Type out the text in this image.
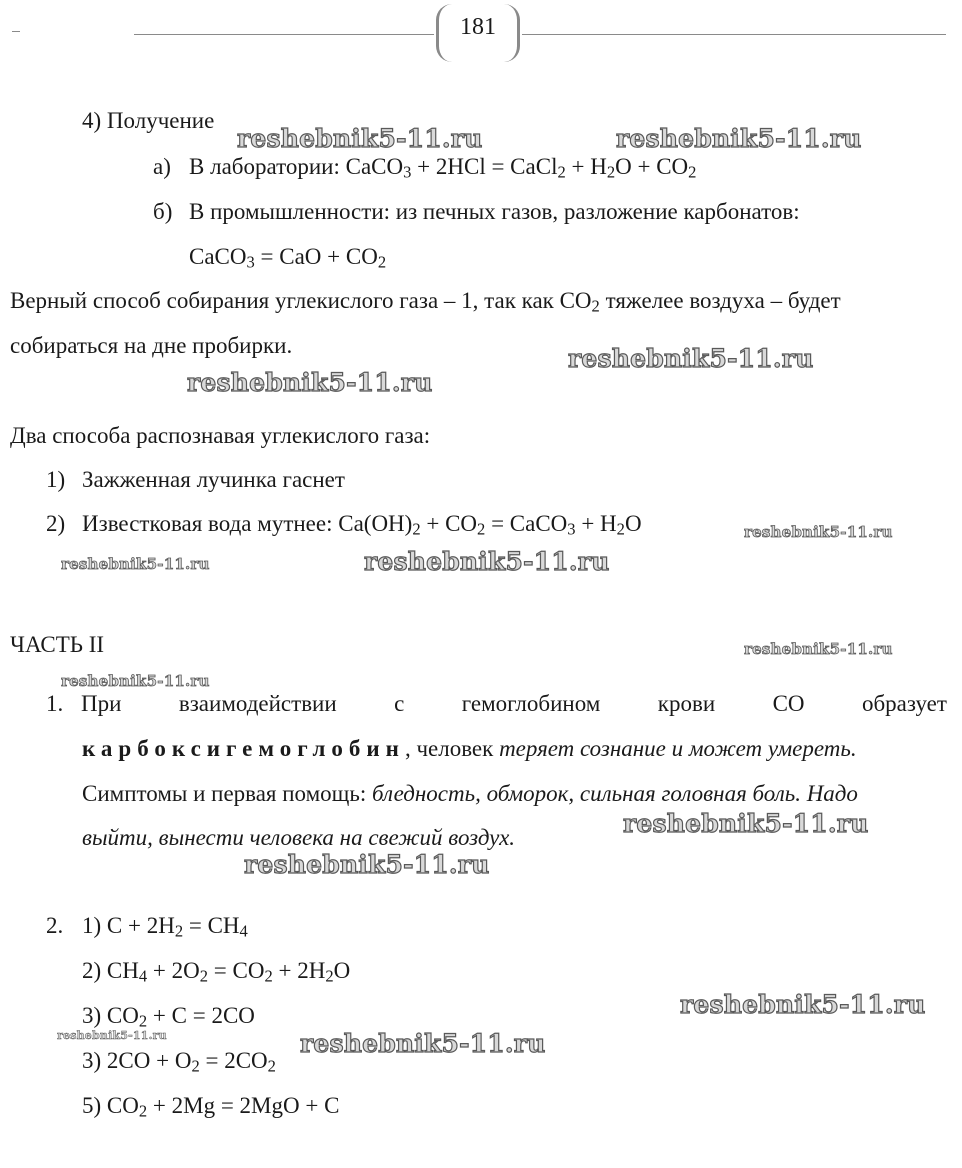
181
4) Получение
а) В лаборатории: CaCO$_3$ + 2HCl = CaCl$_2$ + $H_2O + CO_2$
б) В промышленности: из печных газов, разложение карбонатов:
CaCO$_3$ = CaO + $CO_2$
Верный способ собирания углекислого газа – 1, так как $CO_2$ тяжелее воздуха – будет
собираться на дне пробирки.
Два способа распознавая углекислого газа:
1) Зажженная лучинка гаснет
2) Известковая вода мутнее: $Ca(OH)_2 + CO_2$ = CaCO$_3$ + $H_2O$
ЧАСТЬ II
1. При взаимодействии с гемоглобином крови СО образует
карбоксигемоглобин, человек теряет сознание и может умереть.
Симптомы и первая помощь: бледность, обморок, сильная головная боль. Надо
выйти, вынести человека на свежий воздух.
2. 1) $C + 2H_2 = CH_4$
2) $CH_4 + 2O_2 = CO_2 + 2H_2O$
3) $CO_2 + C = 2CO$
3) $2CO + O_2 = 2CO_2$
5) $CO_2 + 2Mg = 2MgO + C$
reshebnik5-11.ru	reshebnik5-11.ru
reshebnik5-11.ru
reshebnik5-11.ru
reshebnik5-11.ru
reshebnik5-11.ru	reshebnik5-11.ru
reshebnik5-11.ru
reshebnik5-11.ru
reshebnik5-11.ru
reshebnik5-11.ru
reshebnik5-11.ru
reshebnik5-11.ru	reshebnik5-11.ru
